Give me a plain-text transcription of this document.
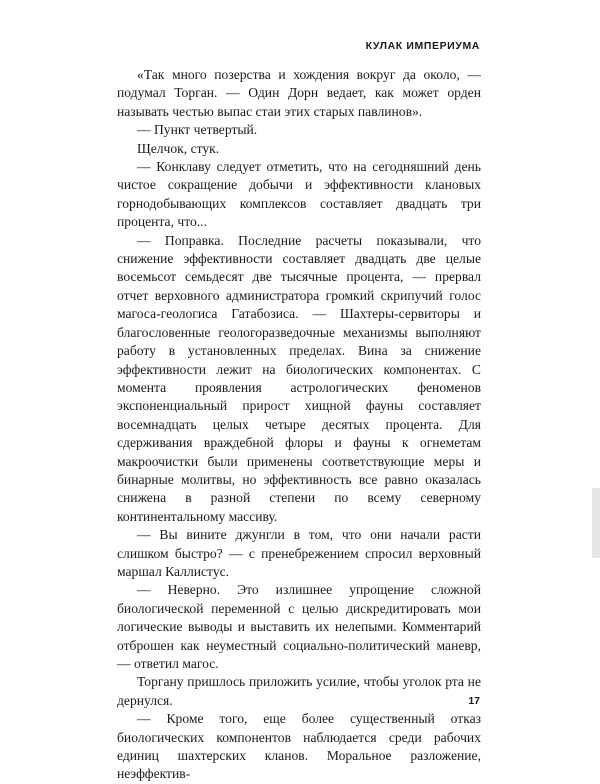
КУЛАК ИМПЕРИУМА

«Так много позерства и хождения вокруг да около, — подумал Торган. — Один Дорн ведает, как может орден называть честью выпас стаи этих старых павлинов».

— Пункт четвертый.

Щелчок, стук.

— Конклаву следует отметить, что на сегодняшний день чистое сокращение добычи и эффективности клановых горнодобывающих комплексов составляет двадцать три процента, что...

— Поправка. Последние расчеты показывали, что снижение эффективности составляет двадцать две целые восемьсот семьдесят две тысячные процента, — прервал отчет верховного администратора громкий скрипучий голос магоса-геологиса Гатабозиса. — Шахтеры-сервиторы и благословенные геологоразведочные механизмы выполняют работу в установленных пределах. Вина за снижение эффективности лежит на биологических компонентах. С момента проявления астрологических феноменов экспоненциальный прирост хищной фауны составляет восемнадцать целых четыре десятых процента. Для сдерживания враждебной флоры и фауны к огнеметам макроочистки были применены соответствующие меры и бинарные молитвы, но эффективность все равно оказалась снижена в разной степени по всему северному континентальному массиву.

— Вы вините джунгли в том, что они начали расти слишком быстро? — с пренебрежением спросил верховный маршал Каллистус.

— Неверно. Это излишнее упрощение сложной биологической переменной с целью дискредитировать мои логические выводы и выставить их нелепыми. Комментарий отброшен как неуместный социально-политический маневр, — ответил магос.

Торгану пришлось приложить усилие, чтобы уголок рта не дернулся.

— Кроме того, еще более существенный отказ биологических компонентов наблюдается среди рабочих единиц шахтерских кланов. Моральное разложение, неэффектив-

17
